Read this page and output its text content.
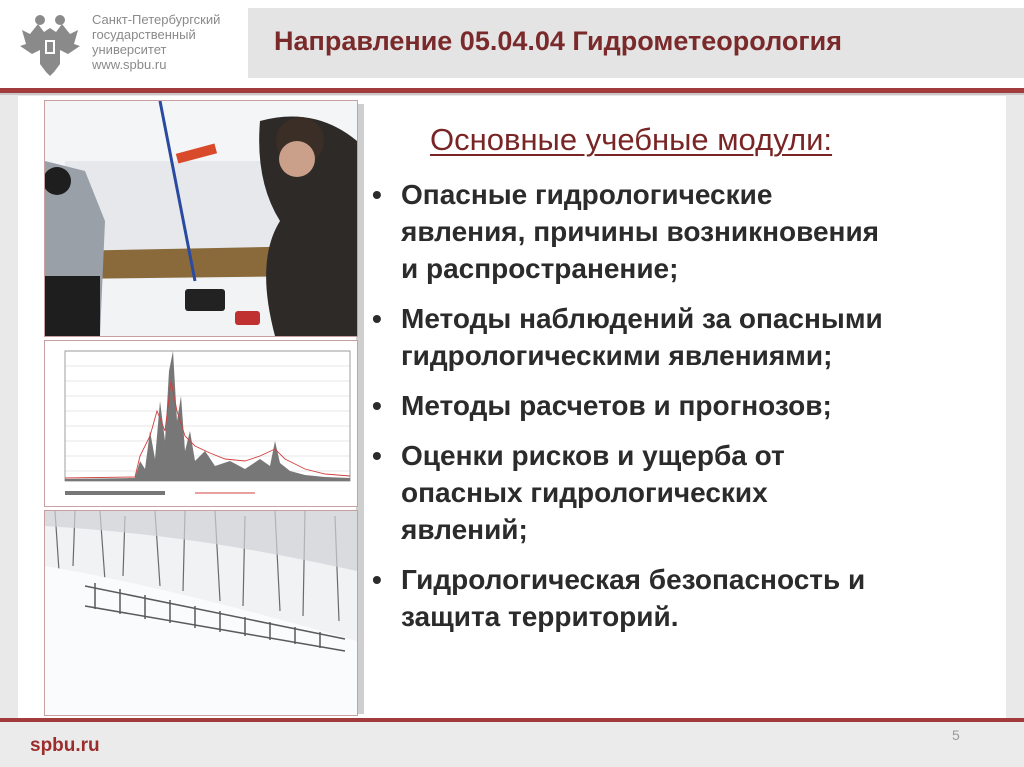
Санкт-Петербургский
государственный
университет
www.spbu.ru
Направление 05.04.04 Гидрометеорология
Основные учебные модули:
• Опасные гидрологические
явления, причины возникновения
и распространение;
• Методы наблюдений за опасными
гидрологическими явлениями;
• Методы расчетов и прогнозов;
• Оценки рисков и ущерба от
опасных гидрологических
явлений;
• Гидрологическая безопасность и
защита территорий.
spbu.ru	5
